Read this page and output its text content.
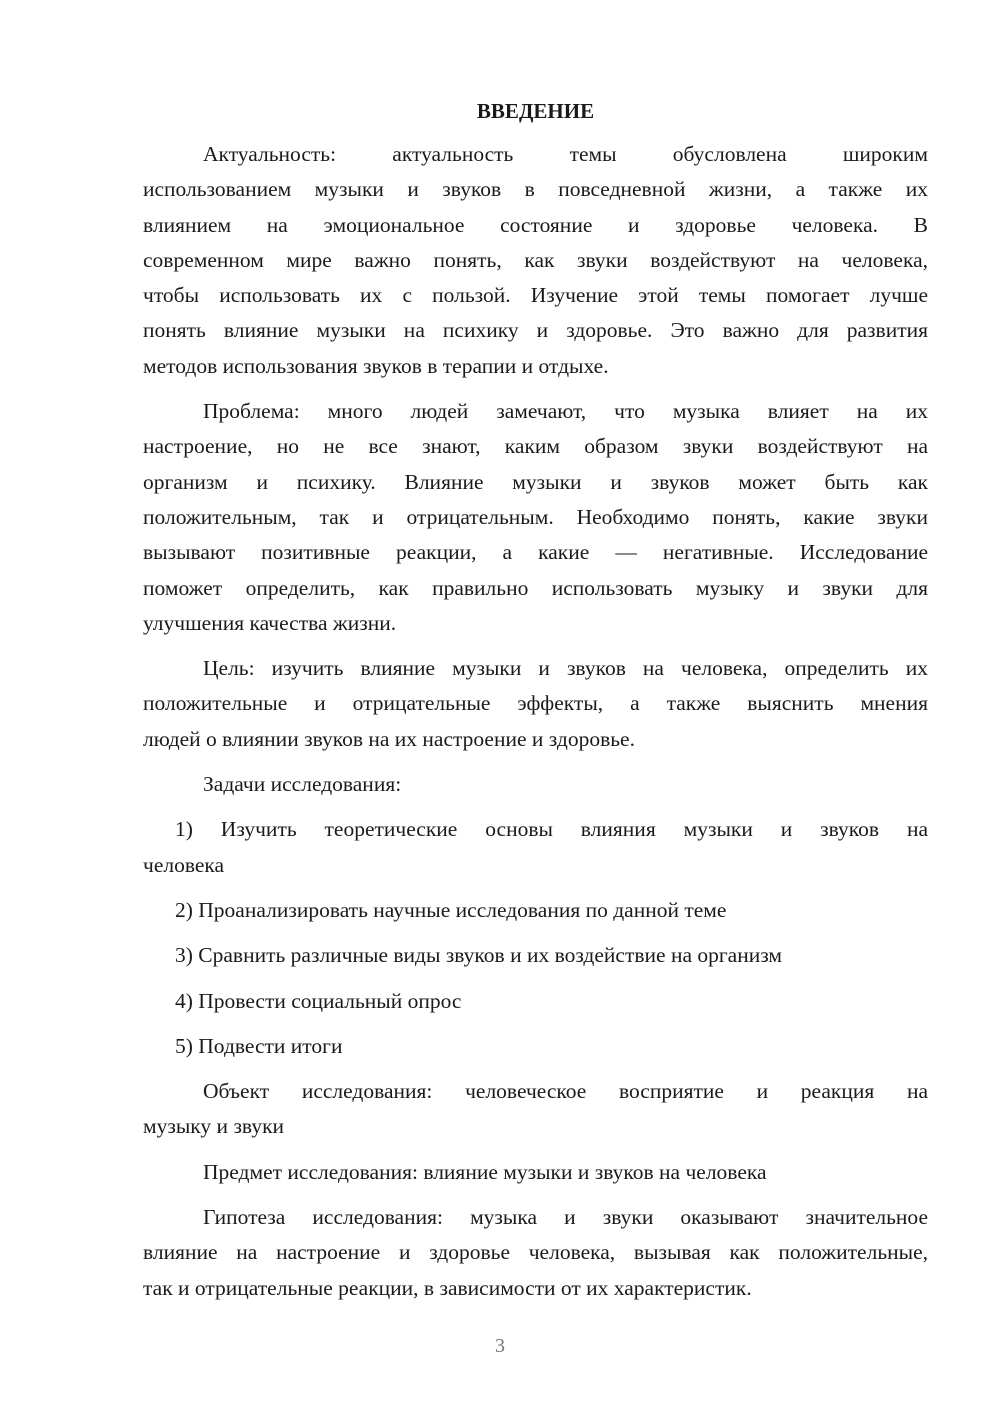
ВВЕДЕНИЕ
Актуальность: актуальность темы обусловлена широким
использованием музыки и звуков в повседневной жизни, а также их
влиянием на эмоциональное состояние и здоровье человека. В
современном мире важно понять, как звуки воздействуют на человека,
чтобы использовать их с пользой. Изучение этой темы помогает лучше
понять влияние музыки на психику и здоровье. Это важно для развития
методов использования звуков в терапии и отдыхе.
Проблема: много людей замечают, что музыка влияет на их
настроение, но не все знают, каким образом звуки воздействуют на
организм и психику. Влияние музыки и звуков может быть как
положительным, так и отрицательным. Необходимо понять, какие звуки
вызывают позитивные реакции, а какие — негативные. Исследование
поможет определить, как правильно использовать музыку и звуки для
улучшения качества жизни.
Цель: изучить влияние музыки и звуков на человека, определить их
положительные и отрицательные эффекты, а также выяснить мнения
людей о влиянии звуков на их настроение и здоровье.
Задачи исследования:
1) Изучить теоретические основы влияния музыки и звуков на
человека
2) Проанализировать научные исследования по данной теме
3) Сравнить различные виды звуков и их воздействие на организм
4) Провести социальный опрос
5) Подвести итоги
Объект исследования: человеческое восприятие и реакция на
музыку и звуки
Предмет исследования: влияние музыки и звуков на человека
Гипотеза исследования: музыка и звуки оказывают значительное
влияние на настроение и здоровье человека, вызывая как положительные,
так и отрицательные реакции, в зависимости от их характеристик.
3
